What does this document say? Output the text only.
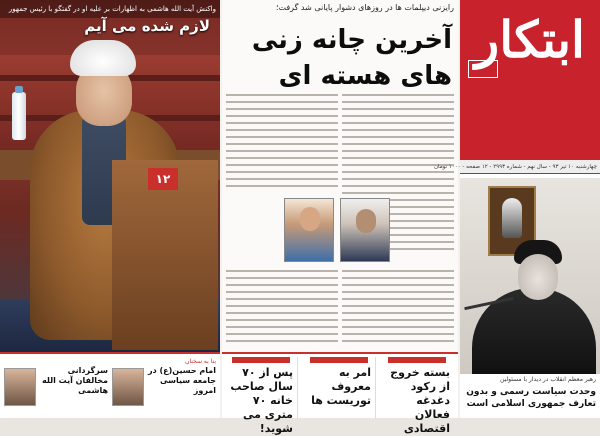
۱۲
واکنش آیت الله هاشمی به اظهارات بر علیه او در گفتگو با رئیس جمهور
لازم شده می آیم
بنا به سخنان
امام حسین(ع) در جامعه سیاسی امروز
سرگردانی مخالفان آیت الله هاشمی
رایزنی دیپلمات ها در روزهای دشوار پایانی شد گرفت؛
آخرین چانه زنی های هسته ای
پس از ۷۰ سال صاحب خانه ۷۰ متری می شوید!
امر به معروف توریست ها
بسته خروج از رکود دغدغه فعالان اقتصادی
ابتکار
چهارشنبه ۱۰ تیر ۹۳ - سال نهم - شماره ۲۹۹۳ - ۱۲ صفحه - ۱۰۰۰ تومان
رهبر معظم انقلاب در دیدار با مسئولین
وحدت سیاست رسمی و بدون تعارف جمهوری اسلامی است
